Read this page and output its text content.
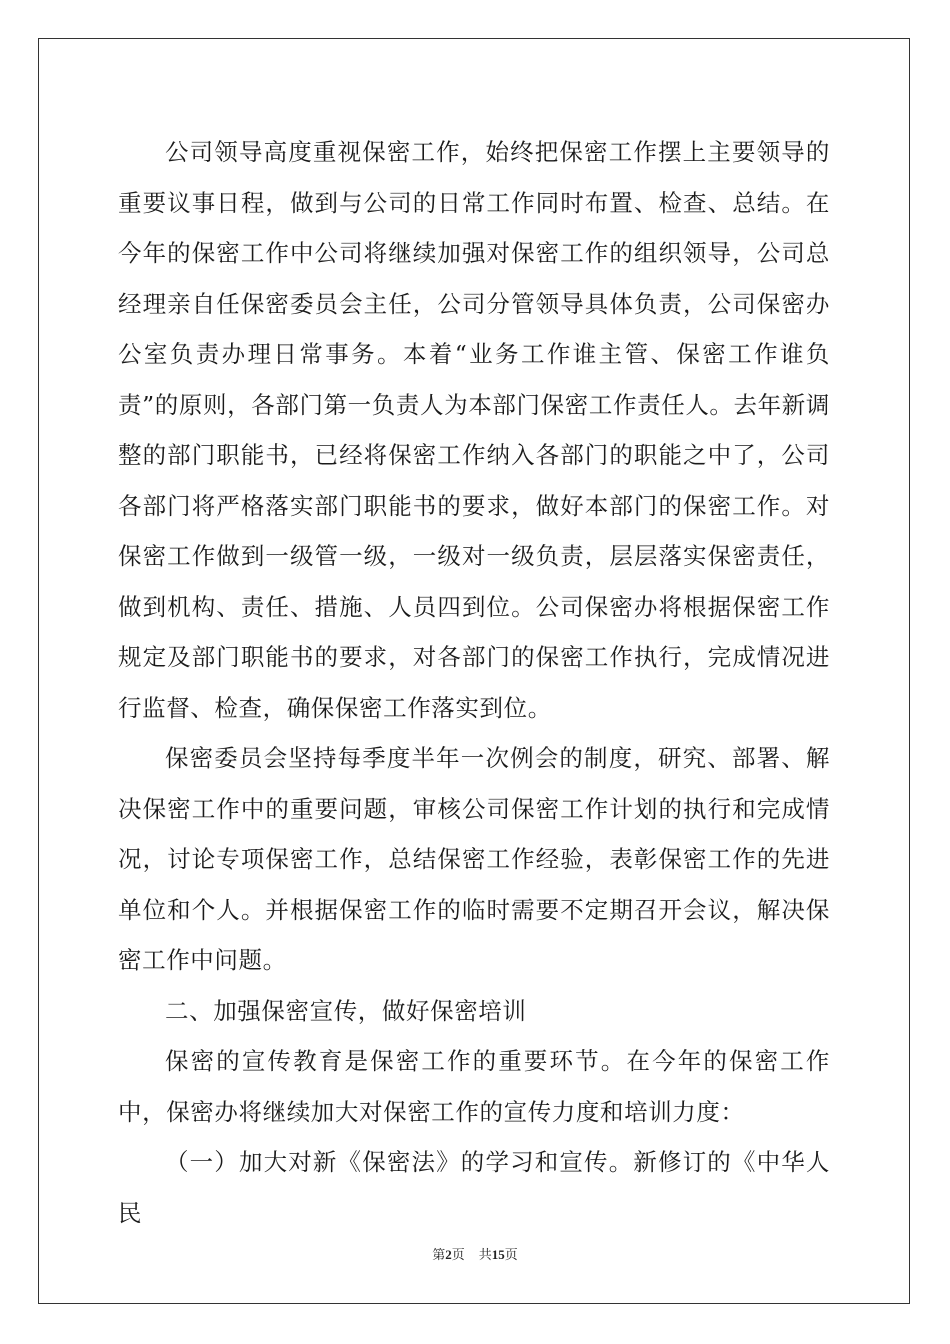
公司领导高度重视保密工作，始终把保密工作摆上主要领导的重要议事日程，做到与公司的日常工作同时布置、检查、总结。在今年的保密工作中公司将继续加强对保密工作的组织领导，公司总经理亲自任保密委员会主任，公司分管领导具体负责，公司保密办公室负责办理日常事务。本着“业务工作谁主管、保密工作谁负责”的原则，各部门第一负责人为本部门保密工作责任人。去年新调整的部门职能书，已经将保密工作纳入各部门的职能之中了，公司各部门将严格落实部门职能书的要求，做好本部门的保密工作。对保密工作做到一级管一级，一级对一级负责，层层落实保密责任，做到机构、责任、措施、人员四到位。公司保密办将根据保密工作规定及部门职能书的要求，对各部门的保密工作执行，完成情况进行监督、检查，确保保密工作落实到位。

保密委员会坚持每季度半年一次例会的制度，研究、部署、解决保密工作中的重要问题，审核公司保密工作计划的执行和完成情况，讨论专项保密工作，总结保密工作经验，表彰保密工作的先进单位和个人。并根据保密工作的临时需要不定期召开会议，解决保密工作中问题。

二、加强保密宣传，做好保密培训

保密的宣传教育是保密工作的重要环节。在今年的保密工作中，保密办将继续加大对保密工作的宣传力度和培训力度：

（一）加大对新《保密法》的学习和宣传。新修订的《中华人民

第2页 共15页
